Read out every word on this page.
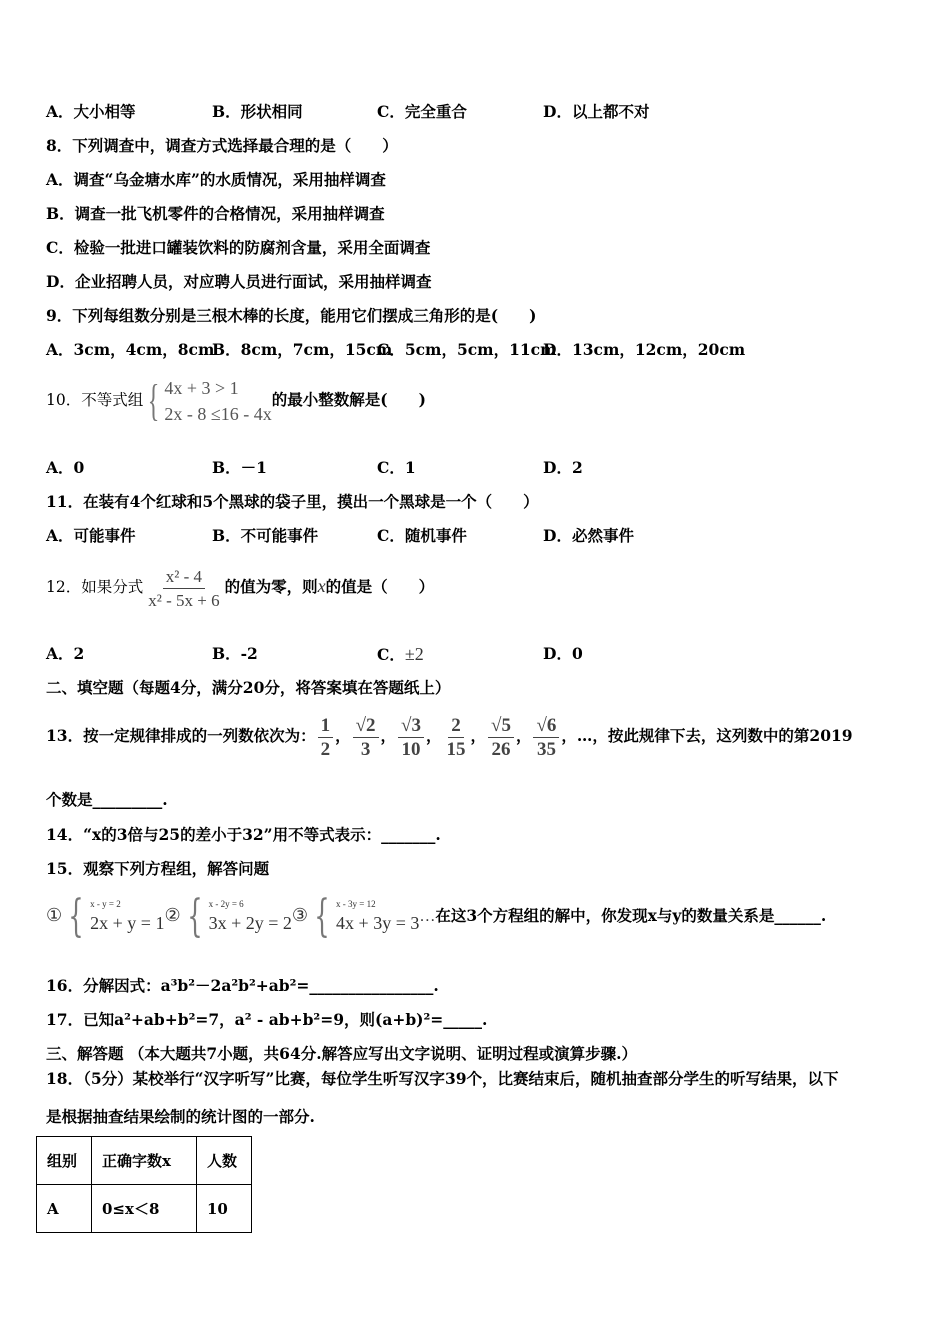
A．大小相等	B．形状相同	C．完全重合	D．以上都不对
8．下列调查中，调查方式选择最合理的是（　　）
A．调查“乌金塘水库”的水质情况，采用抽样调查
B．调查一批飞机零件的合格情况，采用抽样调查
C．检验一批进口罐装饮料的防腐剂含量，采用全面调查
D．企业招聘人员，对应聘人员进行面试，采用抽样调查
9．下列每组数分别是三根木棒的长度，能用它们摆成三角形的是(　　)
A．3cm，4cm，8cm
B．8cm，7cm，15cm
C．5cm，5cm，11cm
D．13cm，12cm，20cm
10．不等式组 { 4x + 3 > 1
2x - 8 ≤16 - 4x
的最小整数解是(　　)
A．0	B．－1	C．1	D．2
11．在装有4个红球和5个黑球的袋子里，摸出一个黑球是一个（　　）
A．可能事件	B．不可能事件	C．随机事件	D．必然事件
12．如果分式 $\frac{\text{x² - 4}}{\text{x² - 5x + 6}}$ 的值为零，则x的值是（　　）
A．2	B．-2	C．±2	D．0
二、填空题（每题4分，满分20分，将答案填在答题纸上）
13．按一定规律排成的一列数依次为： $\frac{1}{2}$ ， $\frac{√2}{3}$ ， $\frac{√3}{10}$ ， $\frac{2}{15}$ ， $\frac{√5}{26}$ ， $\frac{√6}{35}$ ，…，按此规律下去，这列数中的第2019
个数是_________.
14．“x的3倍与25的差小于32”用不等式表示：_______.
15．观察下列方程组，解答问题
① { x - y = 2
2x + y = 1 ② { x - 2y = 6
3x + 2y = 2 ③ { x - 3y = 12
4x + 3y = 3 …在这3个方程组的解中，你发现x与y的数量关系是______.
16．分解因式：a³b²－2a²b²+ab²=________________.
17．已知a²+ab+b²=7，a² - ab+b²=9，则(a+b)²=_____.
三、解答题 （本大题共7小题，共64分.解答应写出文字说明、证明过程或演算步骤.）
18．（5分）某校举行“汉字听写”比赛，每位学生听写汉字39个，比赛结束后，随机抽查部分学生的听写结果，以下
是根据抽查结果绘制的统计图的一部分.
组别	正确字数x	人数
A	0≤x＜8	10
